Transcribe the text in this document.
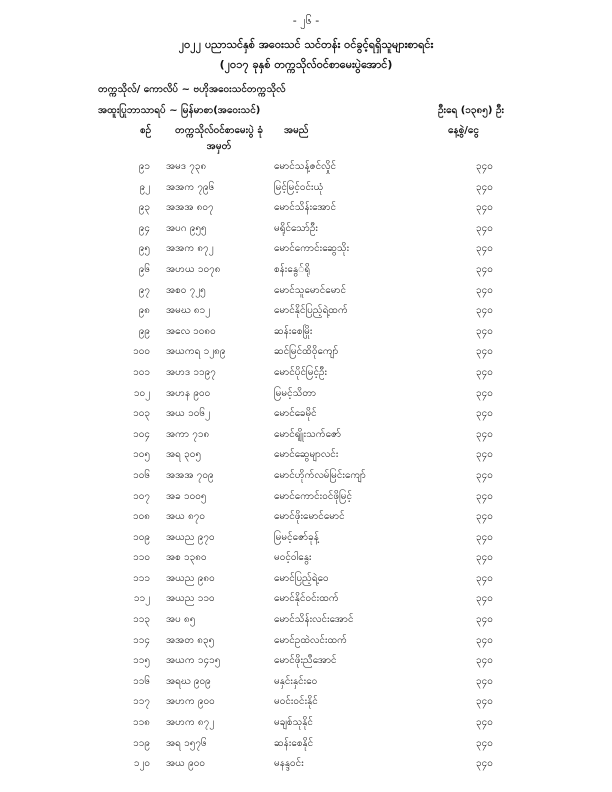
- ၂၆ -
၂၀၂၂ ပညာသင်နှစ် အဝေးသင် သင်တန်း ဝင်ခွင့်ရရှိသူများစာရင်း
(၂၀၁၇ ခုနှစ် တက္ကသိုလ်ဝင်စာမေးပွဲအောင်)
တက္ကသိုလ်/ ကောလိပ် ~ ဗဟိုအဝေးသင်တက္ကသိုလ်
အထူးပြုဘာသာရပ် ~ မြန်မာစာ(အဝေးသင်)	ဦးရေ (၁၃၈၅) ဦး
စဉ်	တက္ကသိုလ်ဝင်စာမေးပွဲ ခုံအမှတ်
အမည်	နေ့စွဲ/ငွေ
၉၁ အမဒ ၇၃၈	မောင်သန့်ဇင်လှိုင်	၃၄၀
၉၂ အအက ၇၉၆	မြင့်မြင့်ဝင်းယုံ	၃၄၀
၉၃ အအအ ၈၀၇	မောင်သိန်းအောင်	၃၄၀
၉၄ အပဂ ၉၅၅	မရိုင်သော်ဦး	၃၄၀
၉၅ အအက ၈၇၂	မောင်ကောင်းဆွေသိုး	၃၄၀
၉၆ အဟယ ၁၀၇၈	စန်းနွေ်ရို	၃၄၀
၉၇ အစဝ ၇၂၅	မောင်သူမောင်မောင်	၃၄၀
၉၈ အမဃ ၈၁၂	မောင်နိုင်ပြည့်ရဲ့ထက်	၃၄၀
၉၉ အလေ ၁၀၈၀	ဆန်းစေမြိုး	၃၄၀
၁၀၀ အယကရ ၁၂၈၉	ဆင်မြင်ထိဝိုကျော်	၃၄၀
၁၀၁ အဟဒ ၁၁၉၇	မောင်ပိုင်မြင့်ဦး	၃၄၀
၁၀၂ အဟန ၉၀၀	မြမင့်သိတာ	၃၄၀
၁၀၃ အယ ၁၀၆၂	မောင်ခေမိုင်	၃၄၀
၁၀၄ အကာ ၇၁၈	မောင်ရျိုးသက်ဇော်	၃၄၀
၁၀၅ အရ ၃၀၅	မောင်ဆွေမျာလင်း	၃၄၀
၁၀၆ အအအ ၇၀၉	မောင်ဟိုက်လမ်မြင်းကျော်	၃၄၀
၁၀၇ အခ ၁၀၀၅	မောင်ကောင်းဝင်ဖိုမြင့်	၃၄၀
၁၀၈ အယ ၈၇၀	မောင်ဖိုးမောင်မောင်	၃၄၀
၁၀၉ အယည ၉၇၀	မြမင့်ဇော်ခုန့်	၃၄၀
၁၁၀ အစ ၁၃၈၀	မဝင့်ဝါနွေး	၃၄၀
၁၁၁ အယည ၉၈၀	မောင်ပြည့်ရဲ့ဝေ	၃၄၀
၁၁၂ အယည ၁၁၀	မောင်နိုင်ဝင်းထက်	၃၄၀
၁၁၃ အပ ၈၅	မောင်သိန်းလင်းအောင်	၃၄၀
၁၁၄ အအတ ၈၃၅	မောင်ဥထဲလင်းထက်	၃၄၀
၁၁၅ အယက ၁၄၁၅	မောင်ဖိုးညီအောင်	၃၄၀
၁၁၆ အရဃ ၉၀၉	မနှင်းနှင်းဝေ	၃၄၀
၁၁၇ အဟက ၉၀၀	မဝင်းဝင်းနိုင်	၃၄၀
၁၁၈ အဟက ၈၇၂	မချစ်သုနိုင်	၃၄၀
၁၁၉ အရ ၁၅၇၆	ဆန်းစေနိုင်	၃၄၀
၁၂၀ အယ ၉၀၀	မနန္ဒဝင်း	၃၄၀
